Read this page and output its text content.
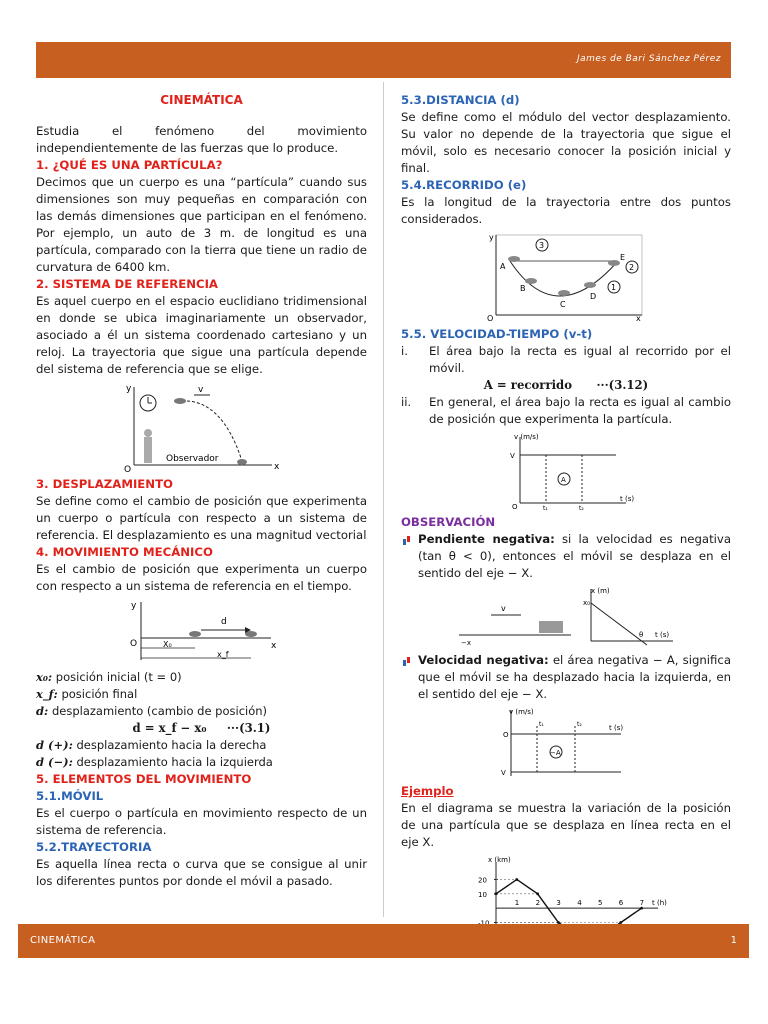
James de Bari Sánchez Pérez

CINEMÁTICA

Estudia el fenómeno del movimiento independientemente de las fuerzas que lo produce.

1. ¿QUÉ ES UNA PARTÍCULA?

Decimos que un cuerpo es una “partícula” cuando sus dimensiones son muy pequeñas en comparación con las demás dimensiones que participan en el fenómeno. Por ejemplo, un auto de 3 m. de longitud es una partícula, comparado con la tierra que tiene un radio de curvatura de 6400 km.

2. SISTEMA DE REFERENCIA

Es aquel cuerpo en el espacio euclidiano tridimensional en donde se ubica imaginariamente un observador, asociado a él un sistema coordenado cartesiano y un reloj. La trayectoria que sigue una partícula depende del sistema de referencia que se elige.

y	v
O	x
Observador

3. DESPLAZAMIENTO

Se define como el cambio de posición que experimenta un cuerpo o partícula con respecto a un sistema de referencia. El desplazamiento es una magnitud vectorial

4. MOVIMIENTO MECÁNICO

Es el cambio de posición que experimenta un cuerpo con respecto a un sistema de referencia en el tiempo.

y
d
O	X₀
x_f
x

x₀: posición inicial (t = 0)

x_f: posición final

d: desplazamiento (cambio de posición)

d = x_f − x₀ ···(3.1)

d (+): desplazamiento hacia la derecha

d (−): desplazamiento hacia la izquierda

5. ELEMENTOS DEL MOVIMIENTO

5.1.MÓVIL

Es el cuerpo o partícula en movimiento respecto de un sistema de referencia.

5.2.TRAYECTORIA

Es aquella línea recta o curva que se consigue al unir los diferentes puntos por donde el móvil a pasado.

5.3.DISTANCIA (d)

Se define como el módulo del vector desplazamiento. Su valor no depende de la trayectoria que sigue el móvil, solo es necesario conocer la posición inicial y final.

5.4.RECORRIDO (e)

Es la longitud de la trayectoria entre dos puntos considerados.

y
O	x
A
B
C
D
E
1
2
3

5.5. VELOCIDAD-TIEMPO (v-t)

i.	El área bajo la recta es igual al recorrido por el móvil.

A = recorrido ···(3.12)

ii.	En general, el área bajo la recta es igual al cambio de posición que experimenta la partícula.

v (m/s)
V
O
A
t (s)
t₁	t₂

OBSERVACIÓN

Pendiente negativa: si la velocidad es negativa (tan θ < 0), entonces el móvil se desplaza en el sentido del eje − X.

x (m)
x₀
v
−x
t (s)
θ

Velocidad negativa: el área negativa − A, significa que el móvil se ha desplazado hacia la izquierda, en el sentido del eje − X.

v (m/s)
O
V
t₁	t₂	t (s)
−A

Ejemplo

En el diagrama se muestra la variación de la posición de una partícula que se desplaza en línea recta en el eje X.

x (km)
t (h)
20
10
1 2 3 4 5 6 7
CINEMÁTICA	1
